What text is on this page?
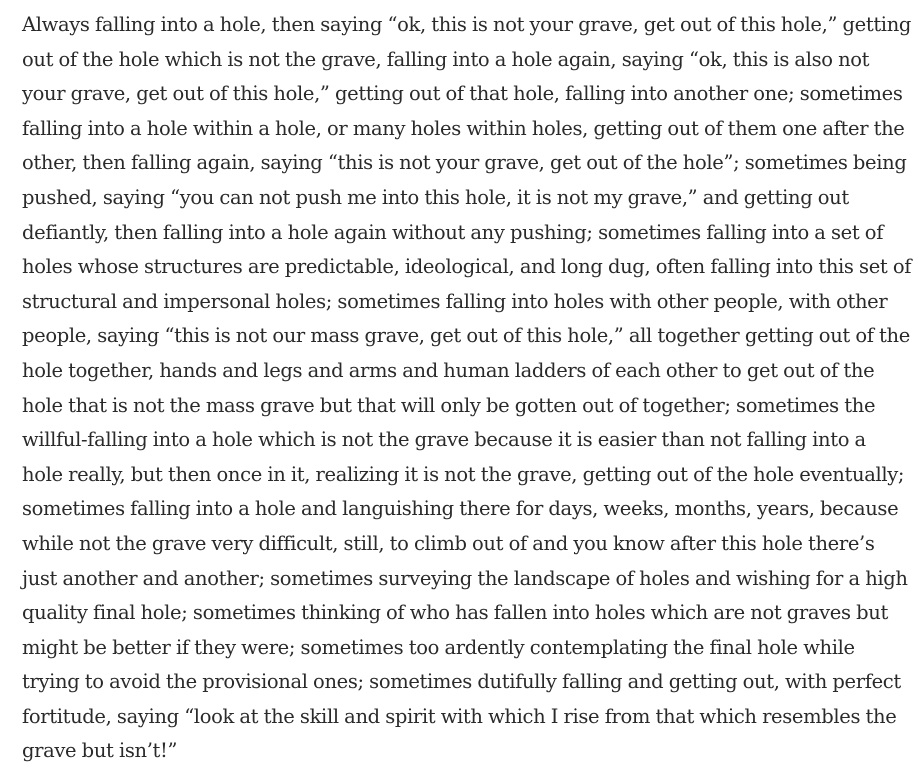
Always falling into a hole, then saying “ok, this is not your grave, get out of this hole,” getting
out of the hole which is not the grave, falling into a hole again, saying “ok, this is also not
your grave, get out of this hole,” getting out of that hole, falling into another one; sometimes
falling into a hole within a hole, or many holes within holes, getting out of them one after the
other, then falling again, saying “this is not your grave, get out of the hole”; sometimes being
pushed, saying “you can not push me into this hole, it is not my grave,” and getting out
defiantly, then falling into a hole again without any pushing; sometimes falling into a set of
holes whose structures are predictable, ideological, and long dug, often falling into this set of
structural and impersonal holes; sometimes falling into holes with other people, with other
people, saying “this is not our mass grave, get out of this hole,” all together getting out of the
hole together, hands and legs and arms and human ladders of each other to get out of the
hole that is not the mass grave but that will only be gotten out of together; sometimes the
willful-falling into a hole which is not the grave because it is easier than not falling into a
hole really, but then once in it, realizing it is not the grave, getting out of the hole eventually;
sometimes falling into a hole and languishing there for days, weeks, months, years, because
while not the grave very difficult, still, to climb out of and you know after this hole there’s
just another and another; sometimes surveying the landscape of holes and wishing for a high
quality final hole; sometimes thinking of who has fallen into holes which are not graves but
might be better if they were; sometimes too ardently contemplating the final hole while
trying to avoid the provisional ones; sometimes dutifully falling and getting out, with perfect
fortitude, saying “look at the skill and spirit with which I rise from that which resembles the
grave but isn’t!”
